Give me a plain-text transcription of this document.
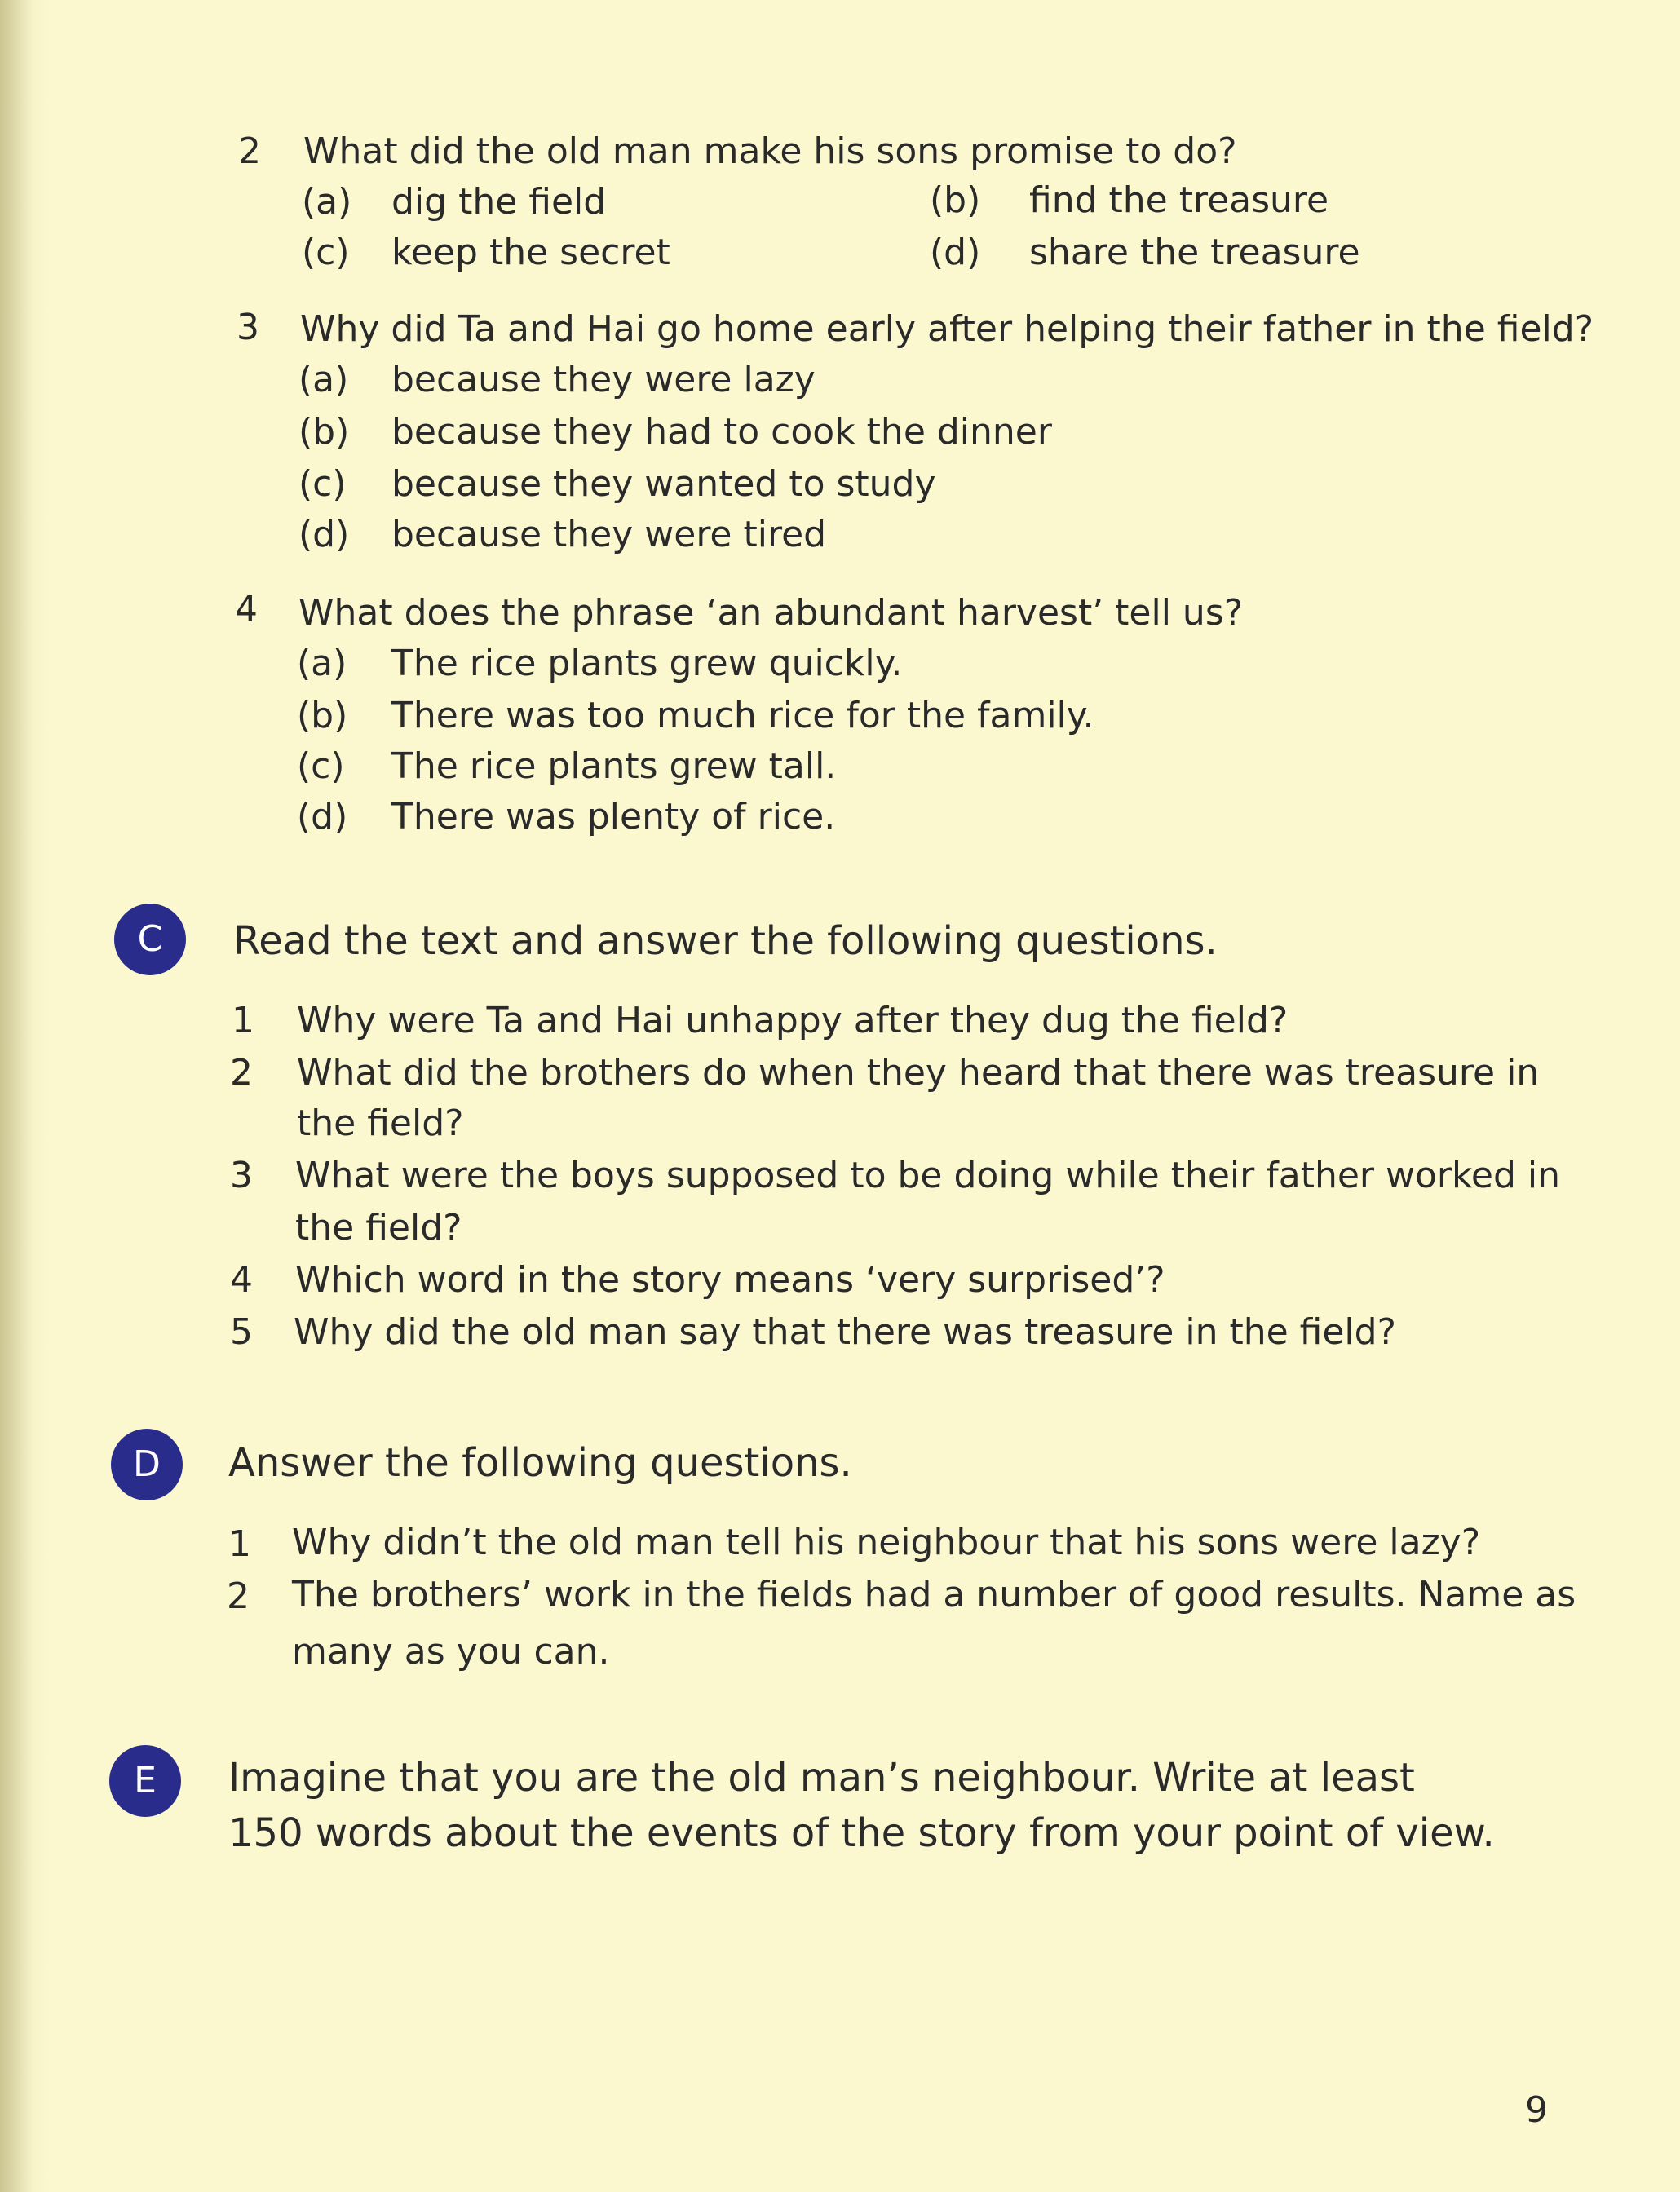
2 What did the old man make his sons promise to do?
(a) dig the field	(b) find the treasure
(c) keep the secret	(d) share the treasure
3 Why did Ta and Hai go home early after helping their father in the field?
(a) because they were lazy
(b) because they had to cook the dinner
(c) because they wanted to study
(d) because they were tired
4 What does the phrase ‘an abundant harvest’ tell us?
(a) The rice plants grew quickly.
(b) There was too much rice for the family.
(c) The rice plants grew tall.
(d) There was plenty of rice.
C	Read the text and answer the following questions.
1 Why were Ta and Hai unhappy after they dug the field?
2 What did the brothers do when they heard that there was treasure in
the field?
3 What were the boys supposed to be doing while their father worked in
the field?
4 Which word in the story means ‘very surprised’?
5 Why did the old man say that there was treasure in the field?
D	Answer the following questions.
1 Why didn’t the old man tell his neighbour that his sons were lazy?
2 The brothers’ work in the fields had a number of good results. Name as
many as you can.
E	Imagine that you are the old man’s neighbour. Write at least
150 words about the events of the story from your point of view.
9
